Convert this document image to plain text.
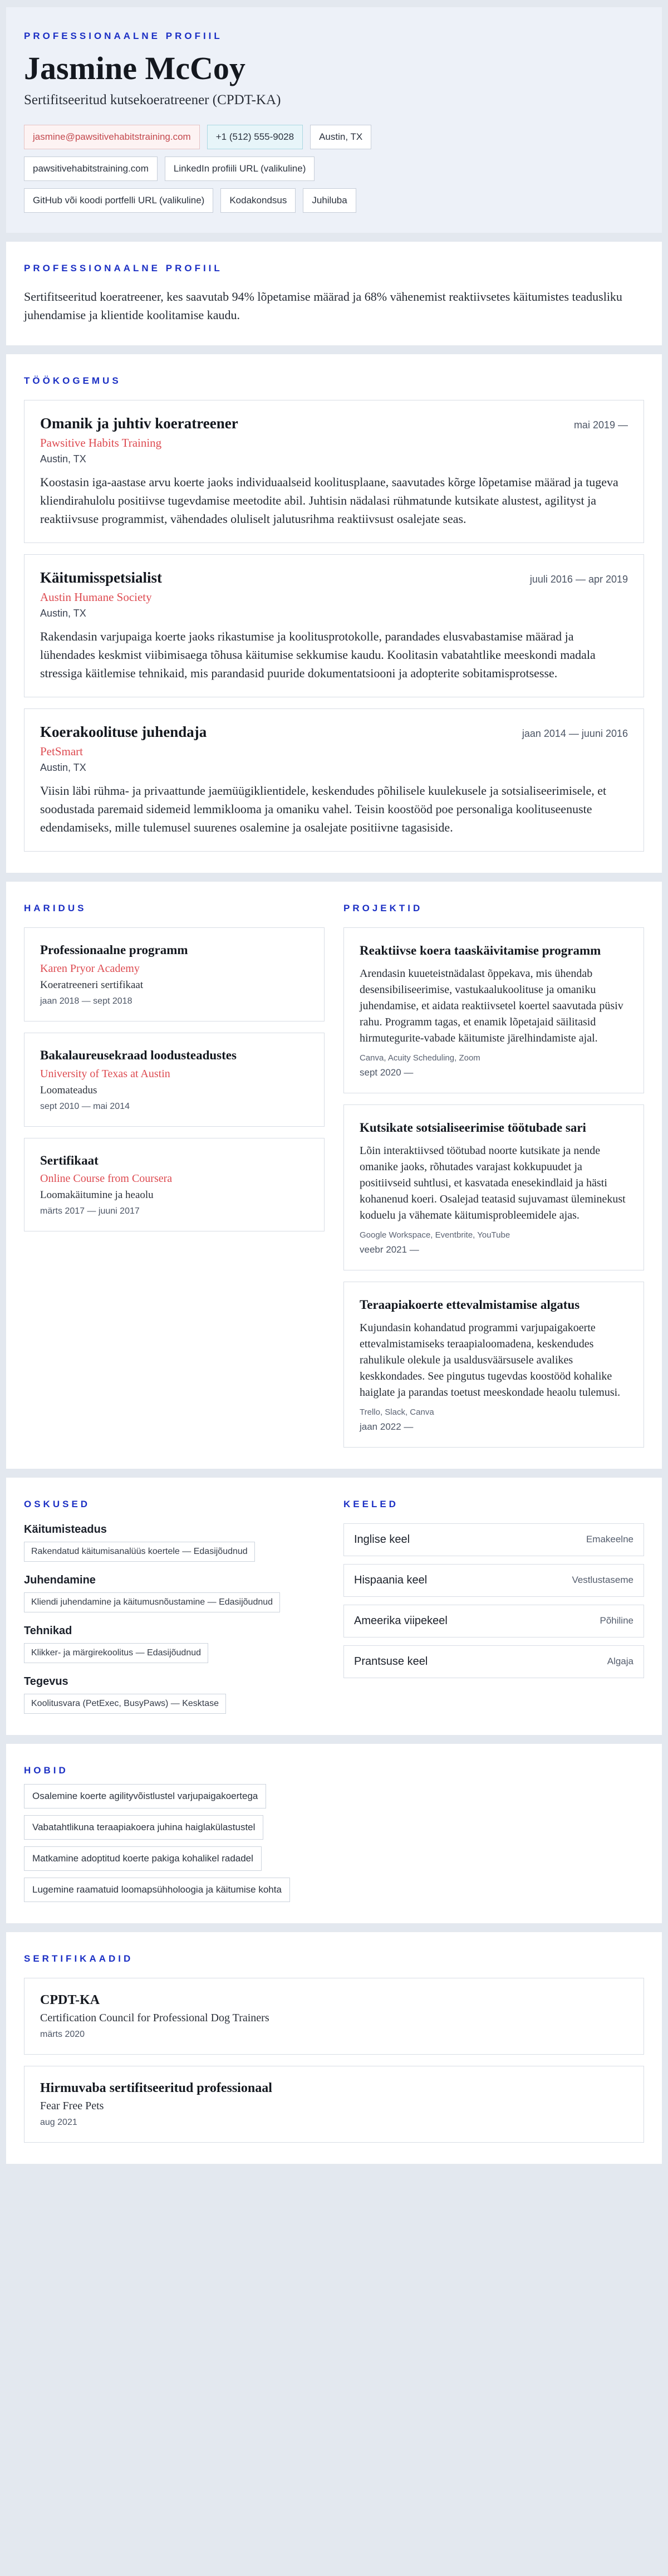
PROFESSIONAALNE PROFIIL
Jasmine McCoy
Sertifitseeritud kutsekoeratreener (CPDT-KA)
jasmine@pawsitivehabitstraining.com	+1 (512) 555-9028	Austin, TX
pawsitivehabitstraining.com	LinkedIn profiili URL (valikuline)
GitHub või koodi portfelli URL (valikuline)	Kodakondsus	Juhiluba
PROFESSIONAALNE PROFIIL

Sertifitseeritud koeratreener, kes saavutab 94% lõpetamise määrad ja 68% vähenemist reaktiivsetes käitumistes teadusliku juhendamise ja klientide koolitamise kaudu.

TÖÖKOGEMUS
Omanik ja juhtiv koeratreener	mai 2019 —
Pawsitive Habits Training
Austin, TX

Koostasin iga-aastase arvu koerte jaoks individuaalseid koolitusplaane, saavutades kõrge lõpetamise määrad ja tugeva kliendirahulolu positiivse tugevdamise meetodite abil. Juhtisin nädalasi rühmatunde kutsikate alustest, agilityst ja reaktiivsuse programmist, vähendades oluliselt jalutusrihma reaktiivsust osalejate seas.

Käitumisspetsialist	juuli 2016 — apr 2019
Austin Humane Society
Austin, TX

Rakendasin varjupaiga koerte jaoks rikastumise ja koolitusprotokolle, parandades elusvabastamise määrad ja lühendades keskmist viibimisaega tõhusa käitumise sekkumise kaudu. Koolitasin vabatahtlike meeskondi madala stressiga käitlemise tehnikaid, mis parandasid puuride dokumentatsiooni ja adopterite sobitamisprotsesse.

Koerakoolituse juhendaja	jaan 2014 — juuni 2016
PetSmart
Austin, TX

Viisin läbi rühma- ja privaattunde jaemüügiklientidele, keskendudes põhilisele kuulekusele ja sotsialiseerimisele, et soodustada paremaid sidemeid lemmiklooma ja omaniku vahel. Teisin koostööd poe personaliga koolituseenuste edendamiseks, mille tulemusel suurenes osalemine ja osalejate positiivne tagasiside.

HARIDUS
Professionaalne programm
Karen Pryor Academy
Koeratreeneri sertifikaat
jaan 2018 — sept 2018
Bakalaureusekraad loodusteadustes
University of Texas at Austin
Loomateadus
sept 2010 — mai 2014
Sertifikaat
Online Course from Coursera
Loomakäitumine ja heaolu
märts 2017 — juuni 2017
PROJEKTID
Reaktiivse koera taaskäivitamise programm
Arendasin kuueteistnädalast õppekava, mis ühendab desensibiliseerimise, vastukaalukoolituse ja omaniku juhendamise, et aidata reaktiivsetel koertel saavutada püsiv rahu. Programm tagas, et enamik lõpetajaid säilitasid hirmutegurite-vabade käitumiste järelhindamiste ajal.
Canva, Acuity Scheduling, Zoom
sept 2020 —
Kutsikate sotsialiseerimise töötubade sari
Lõin interaktiivsed töötubad noorte kutsikate ja nende omanike jaoks, rõhutades varajast kokkupuudet ja positiivseid suhtlusi, et kasvatada enesekindlaid ja hästi kohanenud koeri. Osalejad teatasid sujuvamast üleminekust koduelu ja vähemate käitumisprobleemidele ajas.
Google Workspace, Eventbrite, YouTube
veebr 2021 —
Teraapiakoerte ettevalmistamise algatus
Kujundasin kohandatud programmi varjupaigakoerte ettevalmistamiseks teraapialoomadena, keskendudes rahulikule olekule ja usaldusväärsusele avalikes keskkondades. See pingutus tugevdas koostööd kohalike haiglate ja parandas toetust meeskondade heaolu tulemusi.
Trello, Slack, Canva
jaan 2022 —
OSKUSED
Käitumisteadus
Rakendatud käitumisanalüüs koertele — Edasijõudnud
Juhendamine
Kliendi juhendamine ja käitumusnõustamine — Edasijõudnud
Tehnikad
Klikker- ja märgirekoolitus — Edasijõudnud
Tegevus
Koolitusvara (PetExec, BusyPaws) — Kesktase
KEELED
Inglise keel	Emakeelne
Hispaania keel	Vestlustaseme
Ameerika viipekeel	Põhiline
Prantsuse keel	Algaja
HOBID
Osalemine koerte agilityvõistlustel varjupaigakoertega
Vabatahtlikuna teraapiakoera juhina haiglakülastustel
Matkamine adoptitud koerte pakiga kohalikel radadel
Lugemine raamatuid loomapsühholoogia ja käitumise kohta
SERTIFIKAADID
CPDT-KA
Certification Council for Professional Dog Trainers
märts 2020
Hirmuvaba sertifitseeritud professionaal
Fear Free Pets
aug 2021
